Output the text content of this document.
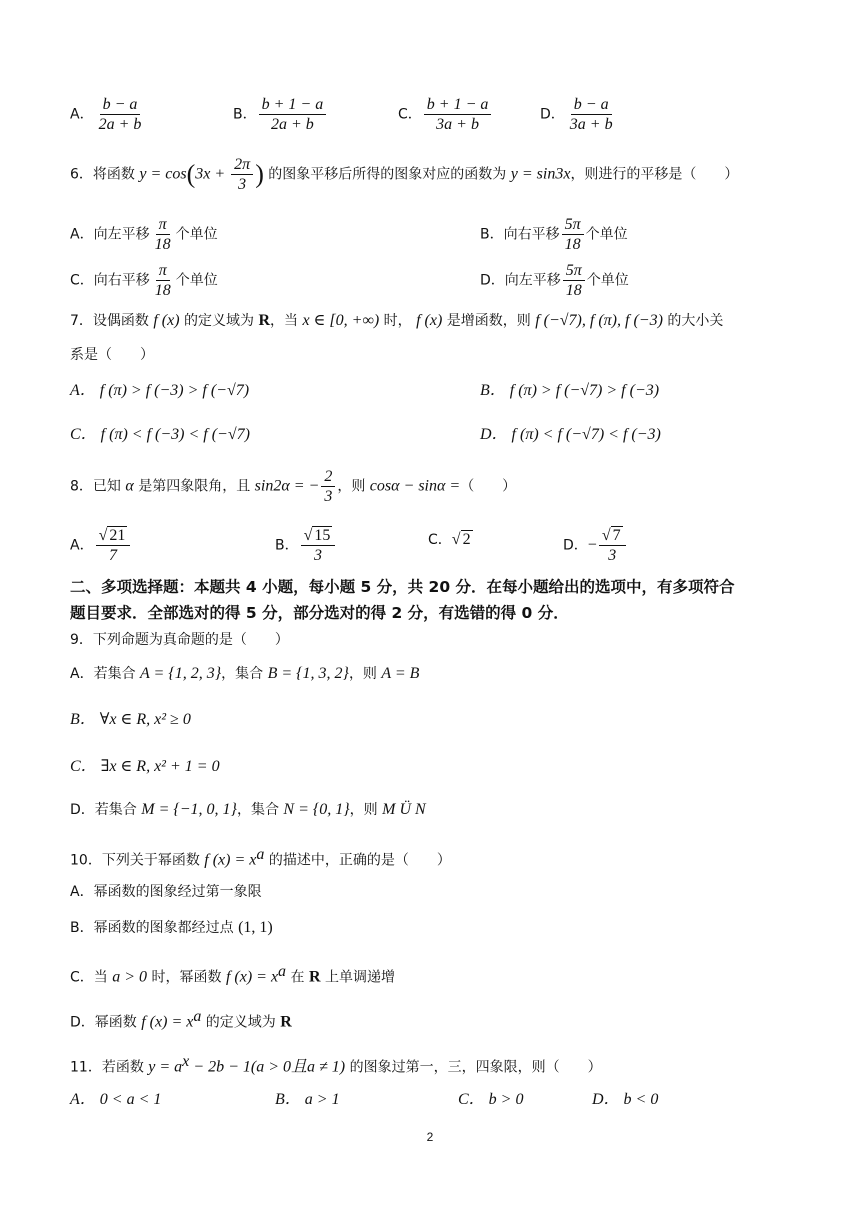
A． $\frac{b - a}{2a + b}$	B． $\frac{b + 1 - a}{2a + b}$	C． $\frac{b + 1 - a}{3a + b}$	D． $\frac{b - a}{3a + b}$
6．将函数 $y = \cos(3x + \frac{2\pi}{3}$ ) 的图象平移后所得的图象对应的函数为 y = sin3x，则进行的平移是（　　）
A．向左平移 $\frac{\pi}{18}$ 个单位	B．向右平移 $\frac{5\pi}{18}$ 个单位
C．向右平移 $\frac{\pi}{18}$ 个单位	D．向左平移 $\frac{5\pi}{18}$ 个单位
7．设偶函数 f (x) 的定义域为 R，当 x ∈ [0, +∞) 时， f (x) 是增函数，则 f (−√7), f (π), f (−3) 的大小关
系是（　　）
A． f (π) > f (−3) > f (−√7)	B． f (π) > f (−√7) > f (−3)
C． f (π) < f (−3) < f (−√7)	D． f (π) < f (−√7) < f (−3)
8．已知 α 是第四象限角，且 sin2α = − $\frac{2}{3}$ ，则 cosα − sinα =（　　）
A． $\frac{√ 21}{7}$	B． $\frac{√ 15}{3}$	C．√ 2	D．− $\frac{√ 7}{3}$
二、多项选择题：本题共 4 小题，每小题 5 分，共 20 分．在每小题给出的选项中，有多项符合
题目要求．全部选对的得 5 分，部分选对的得 2 分，有选错的得 0 分．
9．下列命题为真命题的是（　　）
A．若集合 A = {1, 2, 3}，集合 B = {1, 3, 2}，则 A = B
B． ∀x ∈ R, x² ≥ 0
C． ∃x ∈ R, x² + 1 = 0
D．若集合 M = {−1, 0, 1}，集合 N = {0, 1}，则 M Ü N
10．下列关于幂函数 f $(x) = x^a$ 的描述中，正确的是（　　）
A．幂函数的图象经过第一象限
B．幂函数的图象都经过点 (1, 1)
C．当 a > 0 时，幂函数 f $(x) = x^a$ 在 R 上单调递增
D．幂函数 f $(x) = x^a$ 的定义域为 R
11．若函数 $y = a^x - 2b - 1(a > 0$且a ≠ 1) 的图象过第一，三，四象限，则（　　）
A． 0 < a < 1	B． a > 1	C． b > 0	D． b < 0
2
